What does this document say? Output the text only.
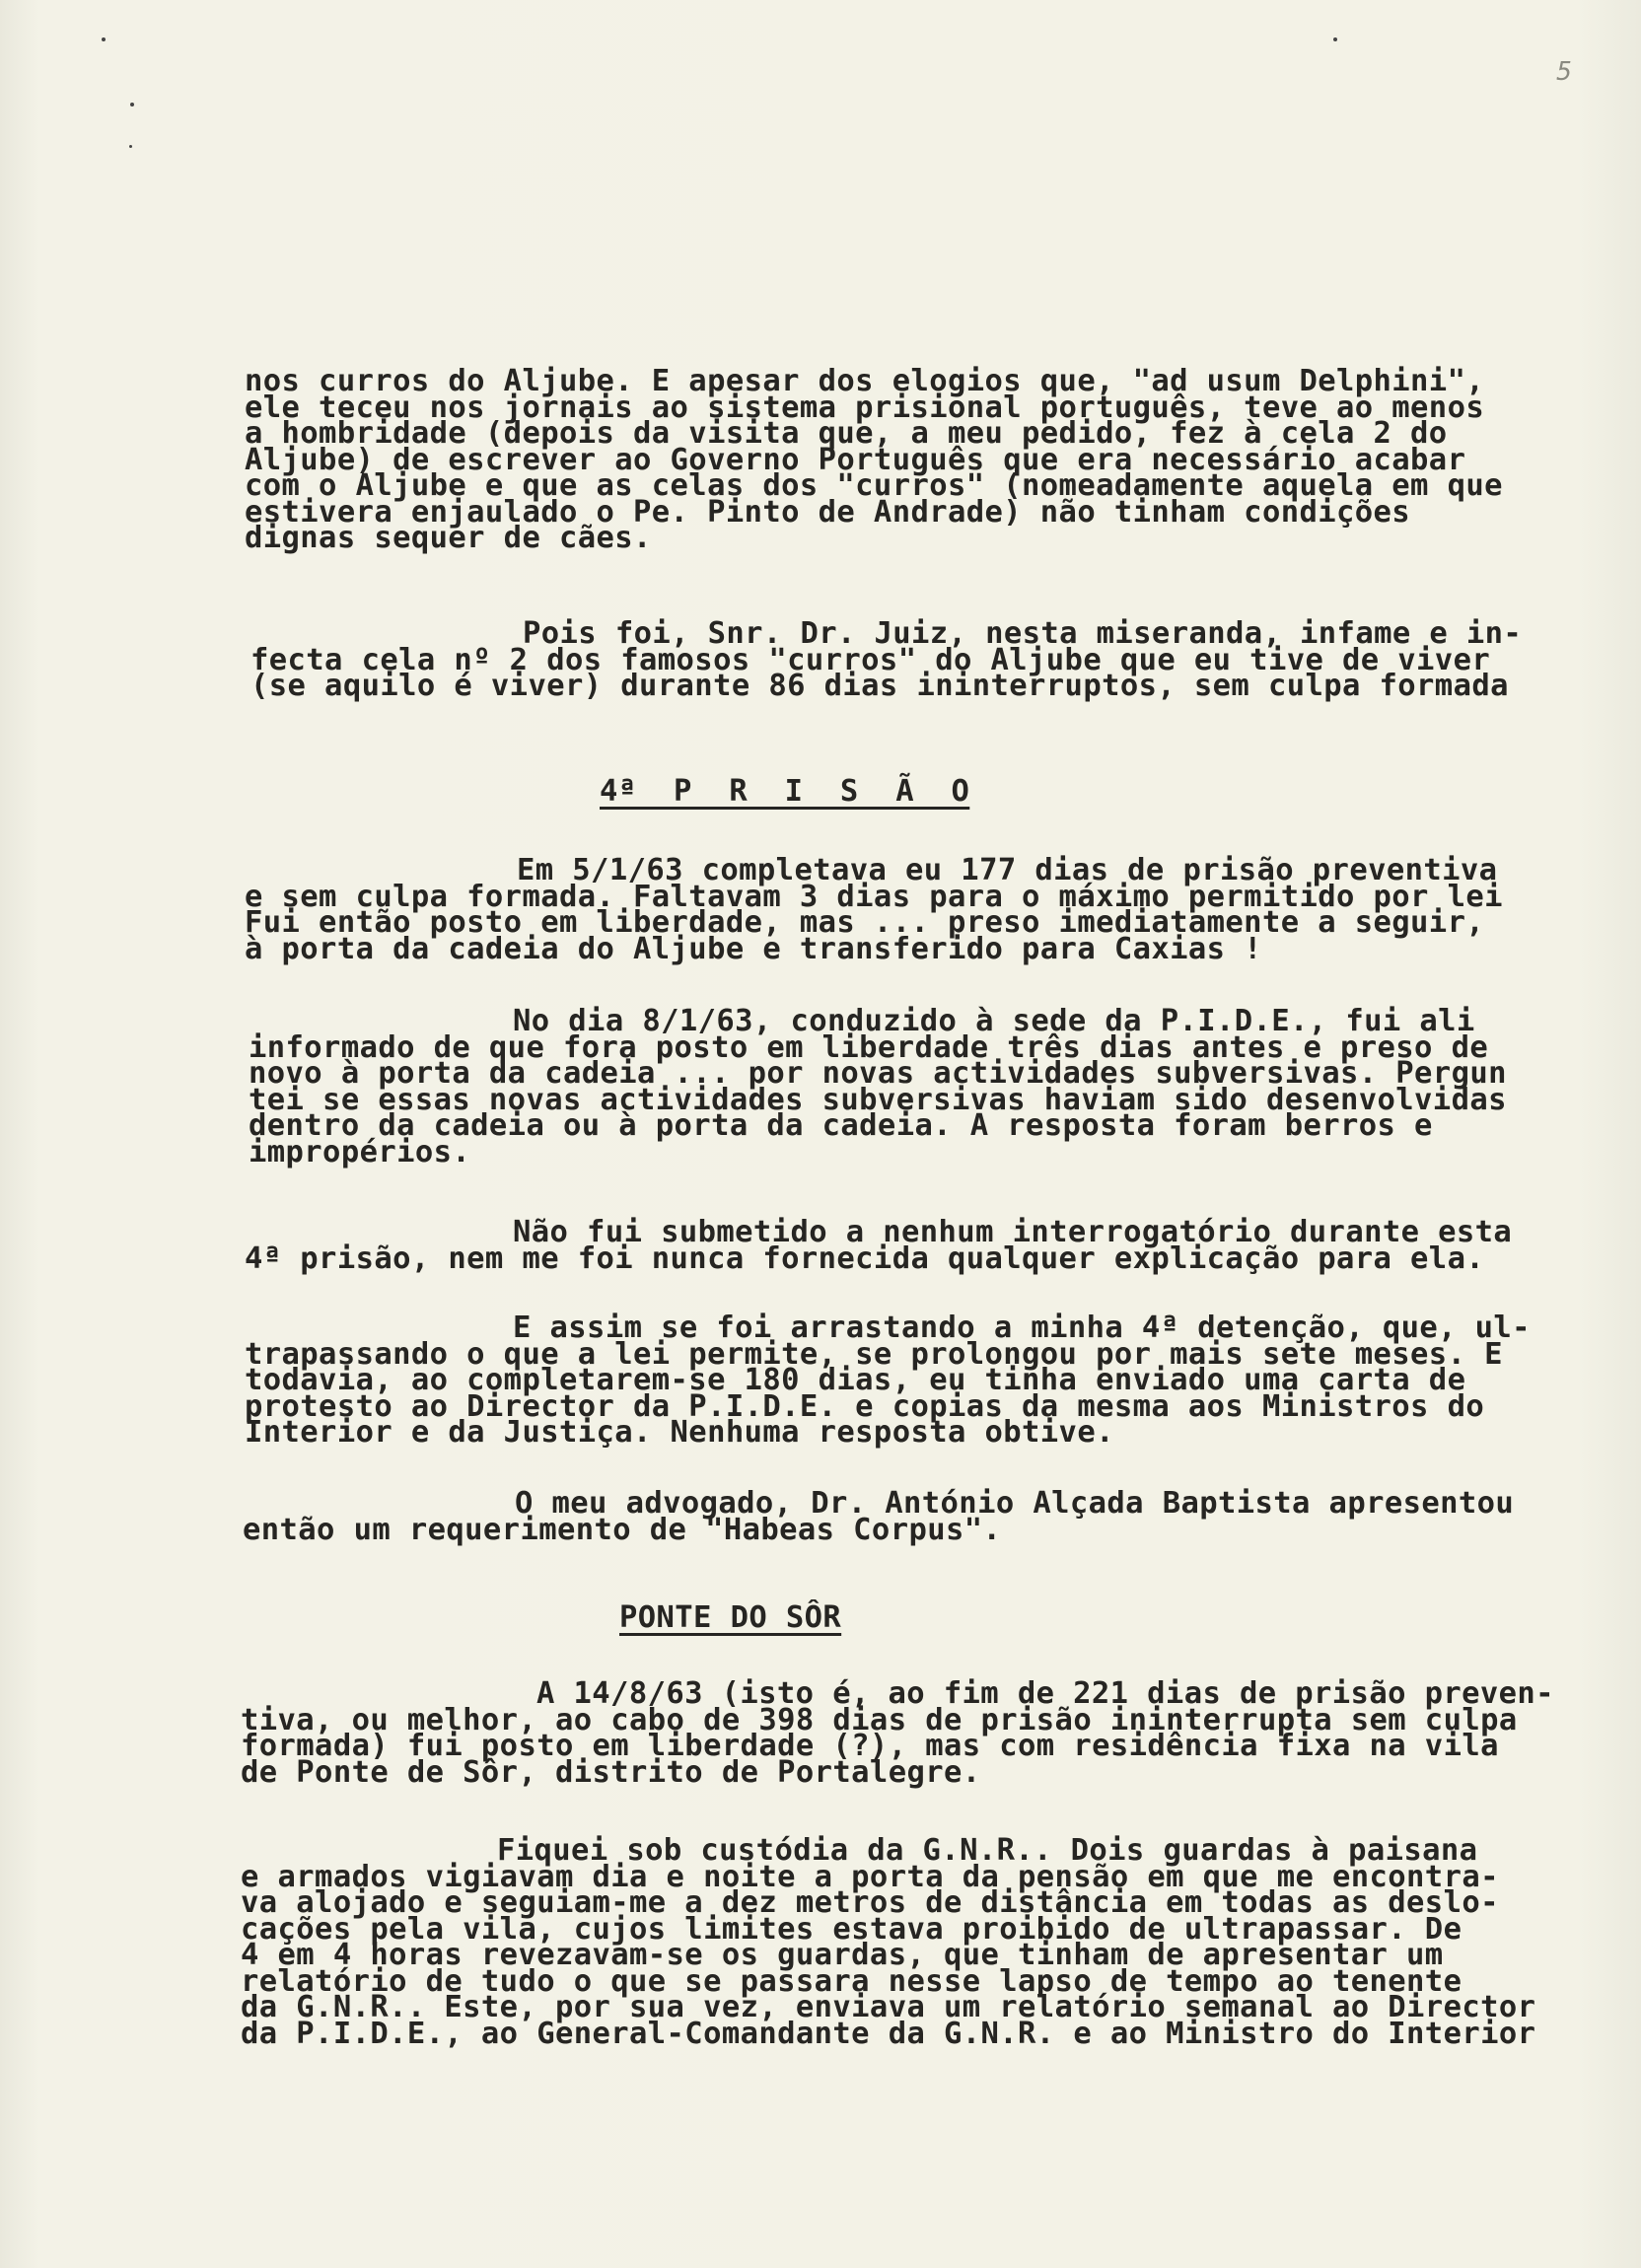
5
nos curros do Aljube. E apesar dos elogios que, "ad usum Delphini",
ele teceu nos jornais ao sistema prisional português, teve ao menos
a hombridade (depois da visita que, a meu pedido, fez à cela 2 do
Aljube) de escrever ao Governo Português que era necessário acabar
com o Aljube e que as celas dos "curros" (nomeadamente aquela em que
estivera enjaulado o Pe. Pinto de Andrade) não tinham condições
dignas sequer de cães.
Pois foi, Snr. Dr. Juiz, nesta miseranda, infame e in-
fecta cela nº 2 dos famosos "curros" do Aljube que eu tive de viver
(se aquilo é viver) durante 86 dias ininterruptos, sem culpa formada
4ª  P  R  I  S  Ã  O
Em 5/1/63 completava eu 177 dias de prisão preventiva
e sem culpa formada. Faltavam 3 dias para o máximo permitido por lei
Fui então posto em liberdade, mas ... preso imediatamente a seguir,
à porta da cadeia do Aljube e transferido para Caxias !
No dia 8/1/63, conduzido à sede da P.I.D.E., fui ali
informado de que fora posto em liberdade três dias antes e preso de
novo à porta da cadeia ... por novas actividades subversivas. Pergun
tei se essas novas actividades subversivas haviam sido desenvolvidas
dentro da cadeia ou à porta da cadeia. A resposta foram berros e
impropérios.
Não fui submetido a nenhum interrogatório durante esta
4ª prisão, nem me foi nunca fornecida qualquer explicação para ela.
E assim se foi arrastando a minha 4ª detenção, que, ul-
trapassando o que a lei permite, se prolongou por mais sete meses. E
todavia, ao completarem-se 180 dias, eu tinha enviado uma carta de
protesto ao Director da P.I.D.E. e copias da mesma aos Ministros do
Interior e da Justiça. Nenhuma resposta obtive.
O meu advogado, Dr. António Alçada Baptista apresentou
então um requerimento de "Habeas Corpus".
PONTE DO SÔR
A 14/8/63 (isto é, ao fim de 221 dias de prisão preven-
tiva, ou melhor, ao cabo de 398 dias de prisão ininterrupta sem culpa
formada) fui posto em liberdade (?), mas com residência fixa na vila
de Ponte de Sôr, distrito de Portalegre.
Fiquei sob custódia da G.N.R.. Dois guardas à paisana
e armados vigiavam dia e noite a porta da pensão em que me encontra-
va alojado e seguiam-me a dez metros de distância em todas as deslo-
cações pela vila, cujos limites estava proibido de ultrapassar. De
4 em 4 horas revezavam-se os guardas, que tinham de apresentar um
relatório de tudo o que se passara nesse lapso de tempo ao tenente
da G.N.R.. Este, por sua vez, enviava um relatório semanal ao Director
da P.I.D.E., ao General-Comandante da G.N.R. e ao Ministro do Interior
